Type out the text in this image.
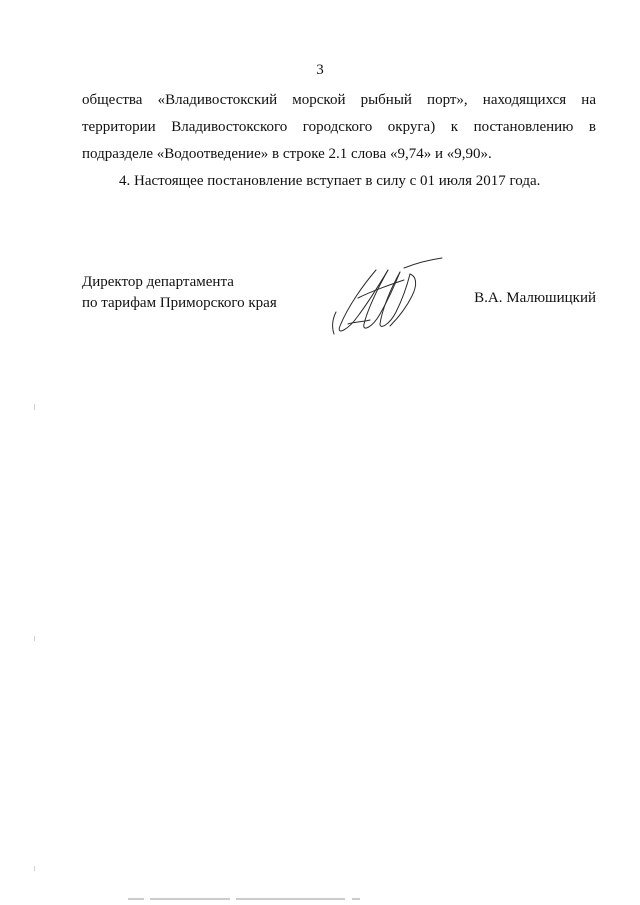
3
общества «Владивостокский морской рыбный порт», находящихся на
территории Владивостокского городского округа) к постановлению в
подразделе «Водоотведение» в строке 2.1 слова «9,74» и «9,90».
4. Настоящее постановление вступает в силу с 01 июля 2017 года.
Директор департамента
по тарифам Приморского края	В.А. Малюшицкий
